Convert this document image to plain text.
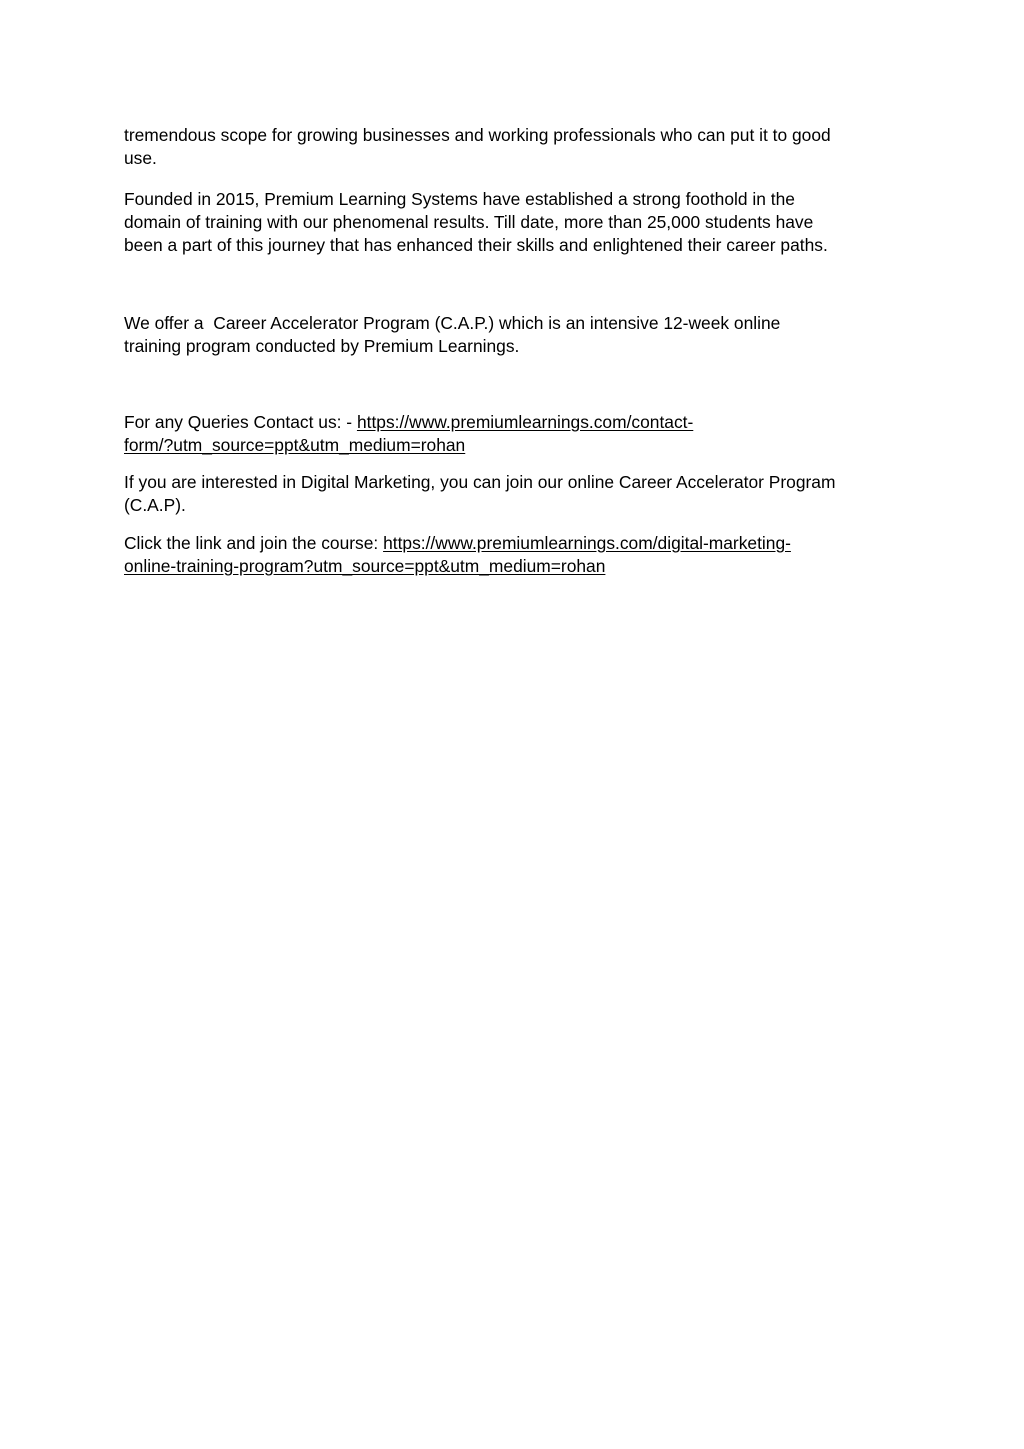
tremendous scope for growing businesses and working professionals who can put it to good
use.
Founded in 2015, Premium Learning Systems have established a strong foothold in the
domain of training with our phenomenal results. Till date, more than 25,000 students have
been a part of this journey that has enhanced their skills and enlightened their career paths.
We offer a  Career Accelerator Program (C.A.P.) which is an intensive 12-week online
training program conducted by Premium Learnings.
For any Queries Contact us: - https://www.premiumlearnings.com/contact-
form/?utm_source=ppt&utm_medium=rohan
If you are interested in Digital Marketing, you can join our online Career Accelerator Program
(C.A.P).
Click the link and join the course: https://www.premiumlearnings.com/digital-marketing-
online-training-program?utm_source=ppt&utm_medium=rohan
